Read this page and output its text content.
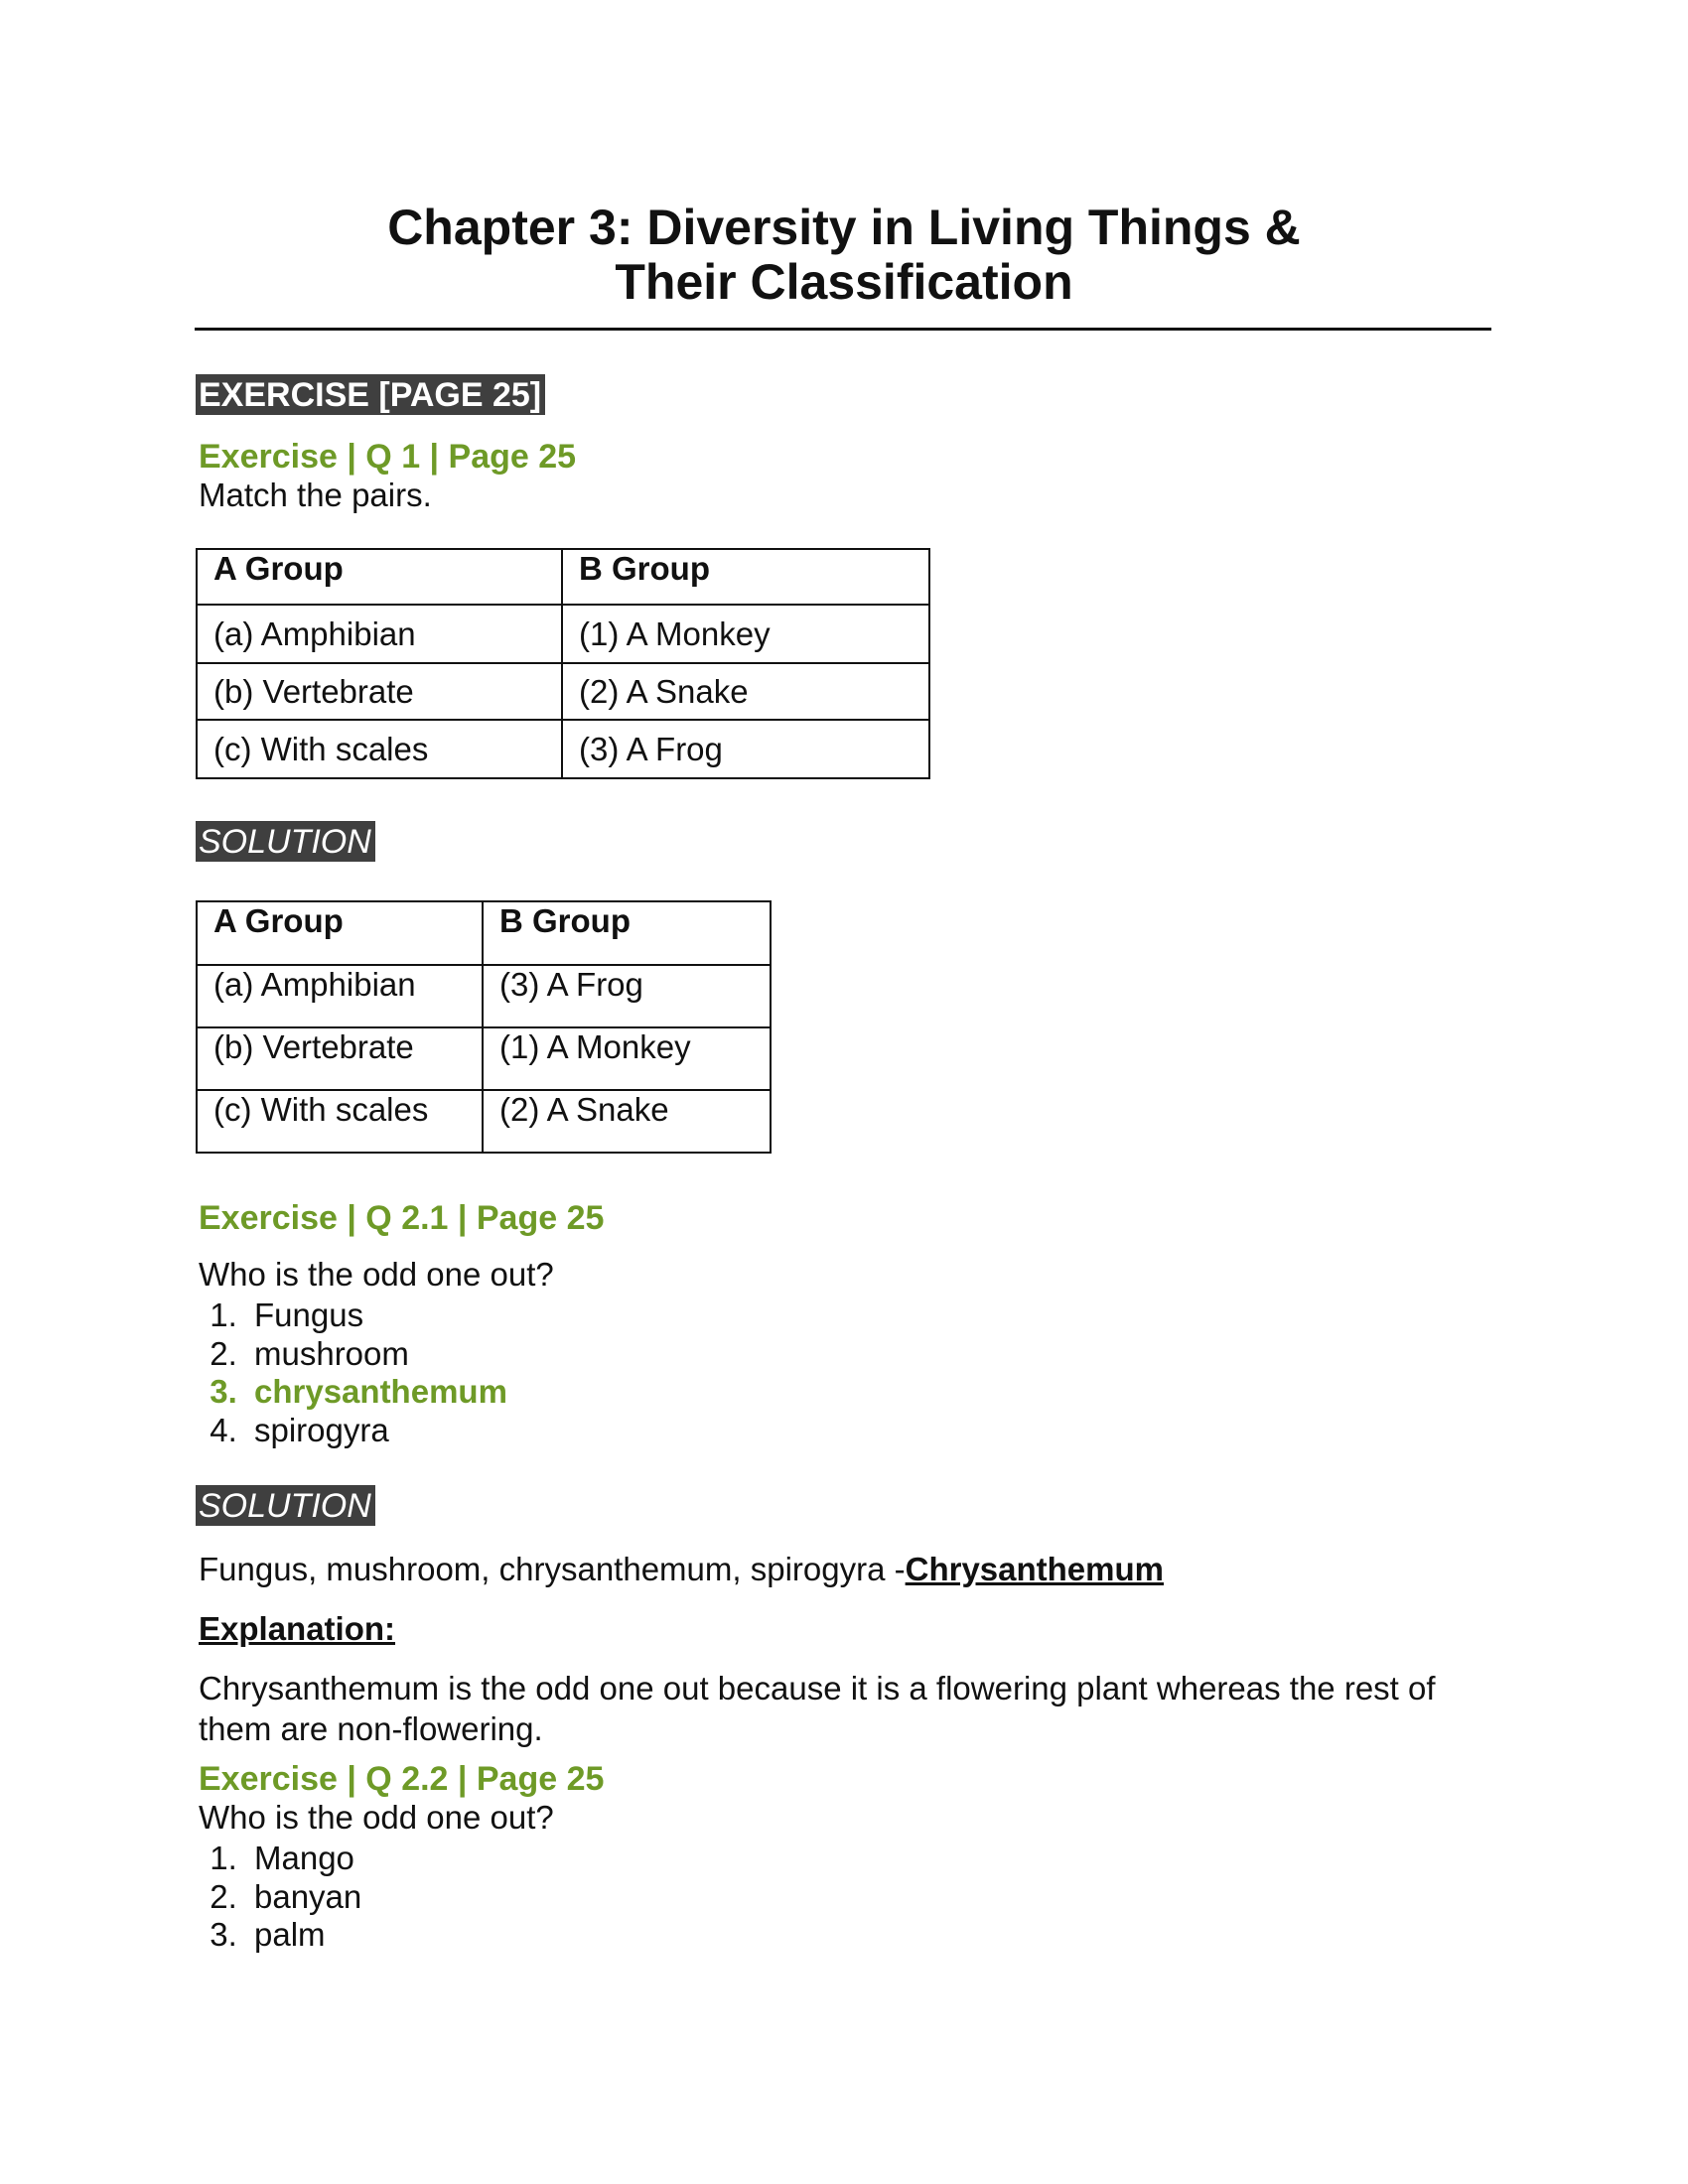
Chapter 3: Diversity in Living Things &
Their Classification
EXERCISE [PAGE 25]
Exercise | Q 1 | Page 25
Match the pairs.
A Group	B Group
(a) Amphibian	(1) A Monkey
(b) Vertebrate	(2) A Snake
(c) With scales	(3) A Frog
SOLUTION
A Group	B Group
(a) Amphibian	(3) A Frog
(b) Vertebrate	(1) A Monkey
(c) With scales	(2) A Snake
Exercise | Q 2.1 | Page 25
Who is the odd one out?
1. Fungus
2. mushroom
3. chrysanthemum
4. spirogyra
SOLUTION
Fungus, mushroom, chrysanthemum, spirogyra -Chrysanthemum
Explanation:
Chrysanthemum is the odd one out because it is a flowering plant whereas the rest of them are non-flowering.
Exercise | Q 2.2 | Page 25
Who is the odd one out?
1. Mango
2. banyan
3. palm
